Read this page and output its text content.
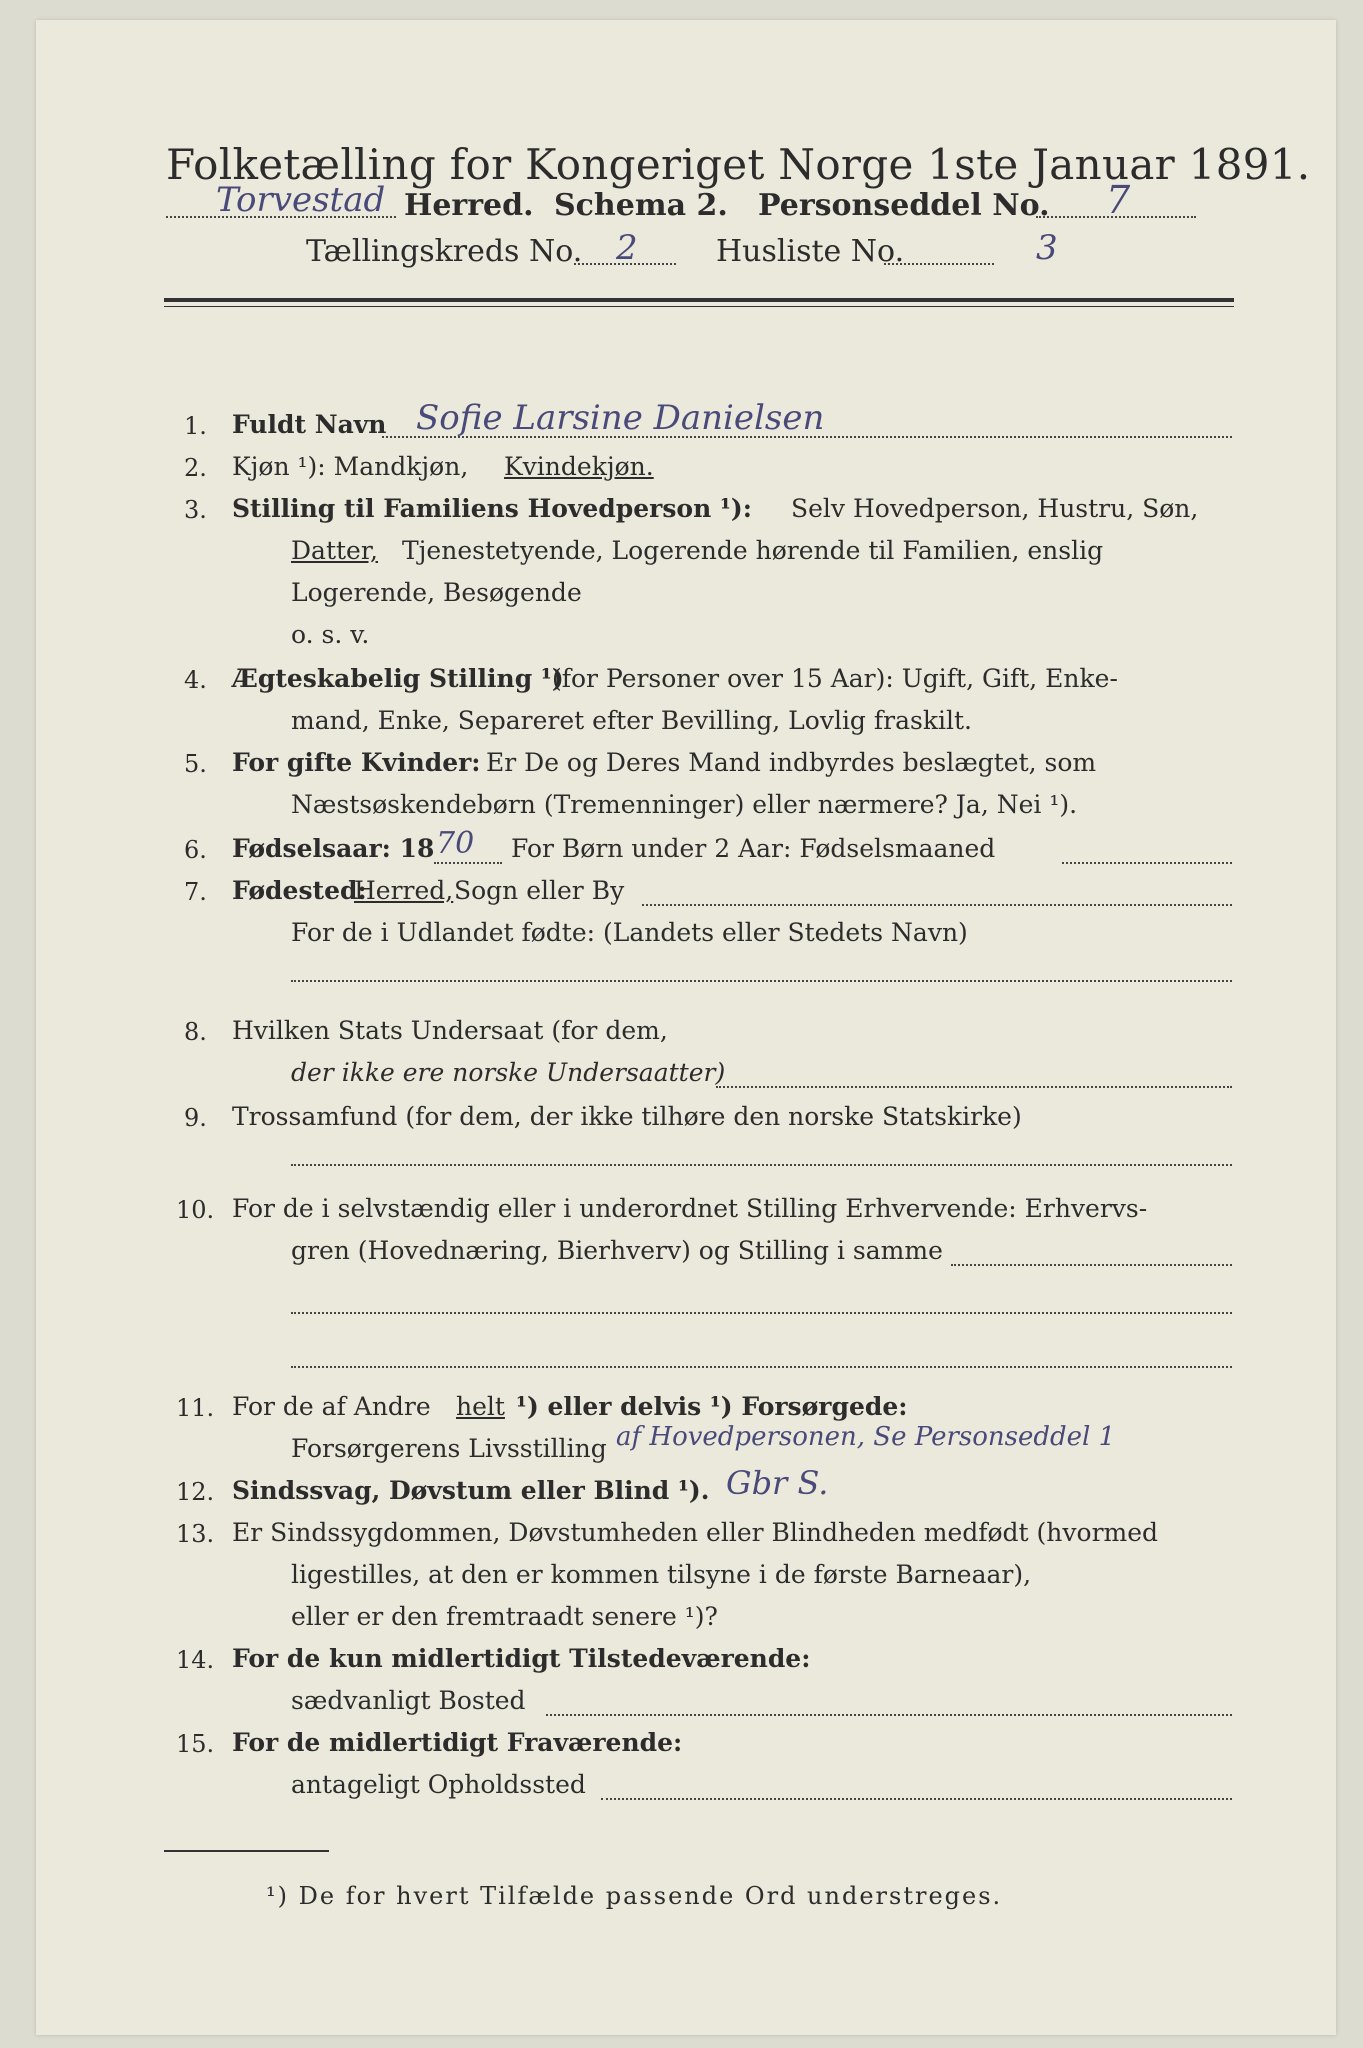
Folketælling for Kongeriget Norge 1ste Januar 1891.
Torvestad Herred. Schema 2. Personseddel No. 7
Tællingskreds No. 2	Husliste No.	3
1. Fuldt Navn Sofie Larsine Danielsen
2. Kjøn ¹): Mandkjøn, Kvindekjøn.
3. Stilling til Familiens Hovedperson ¹): Selv Hovedperson, Hustru, Søn,
Datter, Tjenestetyende, Logerende hørende til Familien, enslig
Logerende, Besøgende
o. s. v.
4. Ægteskabelig Stilling ¹)
(for Personer over 15 Aar): Ugift, Gift, Enke-
mand, Enke, Separeret efter Bevilling, Lovlig fraskilt.
5. For gifte Kvinder: Er De og Deres Mand indbyrdes beslægtet, som
Næstsøskendebørn (Tremenninger) eller nærmere? Ja, Nei ¹).
6. Fødselsaar: 18 70 For Børn under 2 Aar: Fødselsmaaned
7. Fødested:
Herred, Sogn eller By
For de i Udlandet fødte: (Landets eller Stedets Navn)
8. Hvilken Stats Undersaat (for dem,
der ikke ere norske Undersaatter)
9. Trossamfund (for dem, der ikke tilhøre den norske Statskirke)
10. For de i selvstændig eller i underordnet Stilling Erhvervende: Erhvervs-
gren (Hovednæring, Bierhverv) og Stilling i samme
11. For de af Andre helt ¹) eller delvis ¹) Forsørgede:
Forsørgerens Livsstilling af Hovedpersonen, Se Personseddel 1
12. Sindssvag, Døvstum eller Blind ¹). Gbr S.
13. Er Sindssygdommen, Døvstumheden eller Blindheden medfødt (hvormed
ligestilles, at den er kommen tilsyne i de første Barneaar),
eller er den fremtraadt senere ¹)?
14. For de kun midlertidigt Tilstedeværende:
sædvanligt Bosted
15. For de midlertidigt Fraværende:
antageligt Opholdssted
¹) De for hvert Tilfælde passende Ord understreges.
